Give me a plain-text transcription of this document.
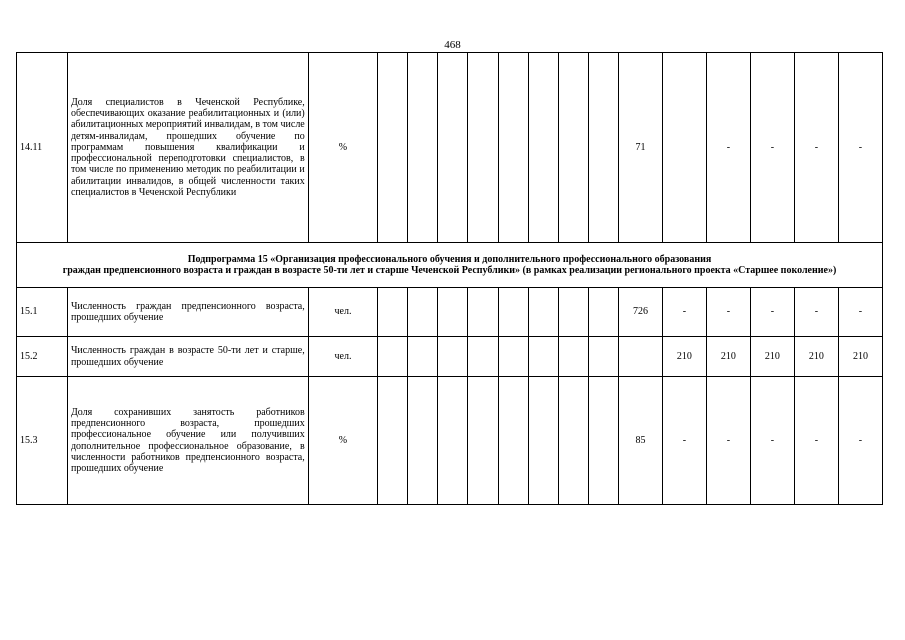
468
14.11	Доля специалистов в Чеченской Республике, обеспечивающих оказание реабилитационных и (или) абилитационных мероприятий инвалидам, в том числе детям-инвалидам, прошедших обучение по программам повышения квалификации и профессиональной переподготовки специалистов, в том числе по применению методик по реабилитации и абилитации инвалидов, в общей численности таких специалистов в Чеченской Республики	%									71		-	-	-	-

Подпрограмма 15 «Организация профессионального обучения и дополнительного профессионального образования
граждан предпенсионного возраста и граждан в возрасте 50-ти лет и старше Чеченской Республики» (в рамках реализации регионального проекта «Старшее поколение»)																

15.1	Численность граждан предпенсионного возраста, прошедших обучение	чел.									726	-	-	-	-	-
15.2	Численность граждан в возрасте 50-ти лет и старше, прошедших обучение	чел.										210	210	210	210	210
15.3	Доля сохранивших занятость работников предпенсионного возраста, прошедших профессиональное обучение или получивших дополнительное профессиональное образование, в численности работников предпенсионного возраста, прошедших обучение	%									85	-	-	-	-	-
